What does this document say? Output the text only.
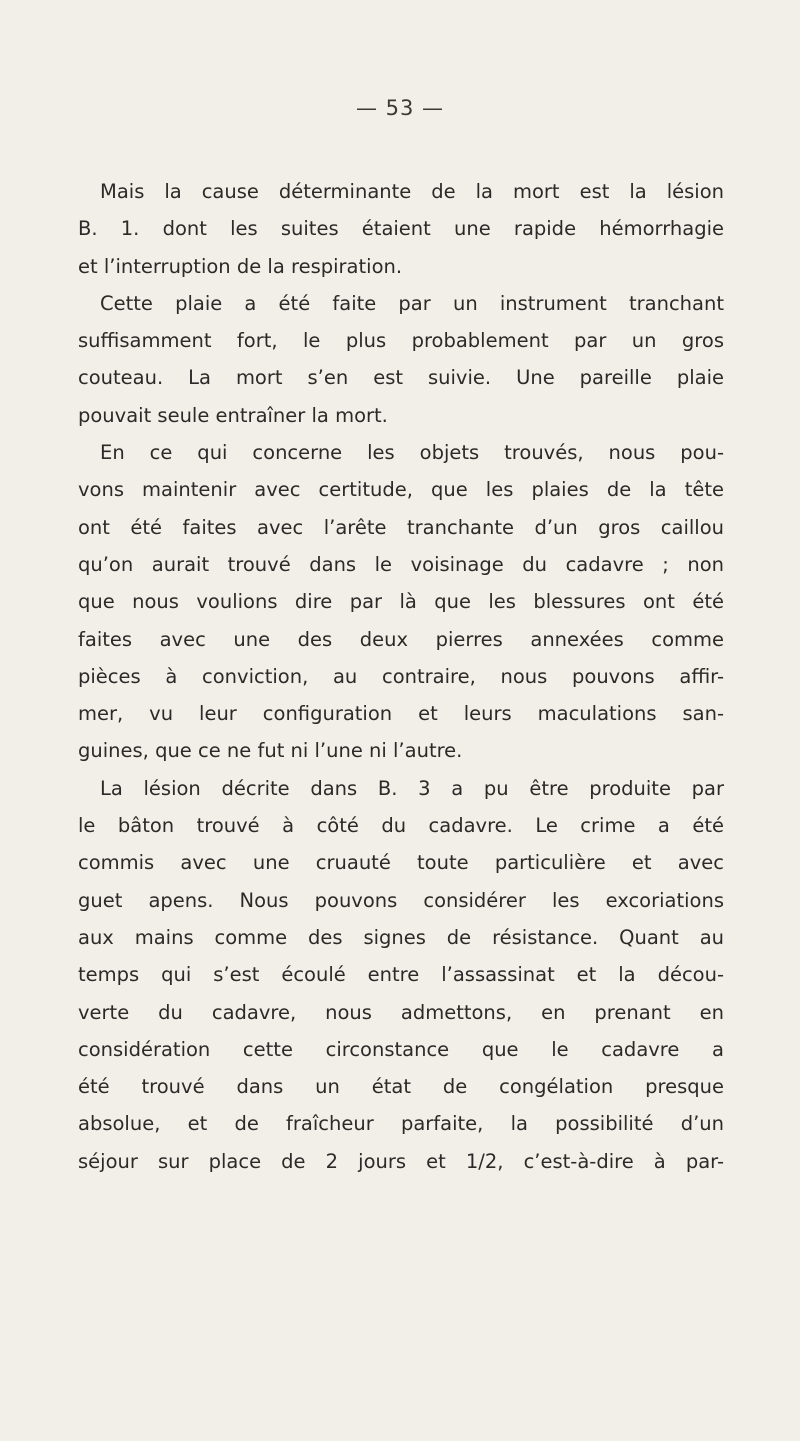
— 53 —
Mais la cause déterminante de la mort est la lésion
B. 1. dont les suites étaient une rapide hémorrhagie
et l’interruption de la respiration.
Cette plaie a été faite par un instrument tranchant
suffisamment fort, le plus probablement par un gros
couteau. La mort s’en est suivie. Une pareille plaie
pouvait seule entraîner la mort.
En ce qui concerne les objets trouvés, nous pou-
vons maintenir avec certitude, que les plaies de la tête
ont été faites avec l’arête tranchante d’un gros caillou
qu’on aurait trouvé dans le voisinage du cadavre ; non
que nous voulions dire par là que les blessures ont été
faites avec une des deux pierres annexées comme
pièces à conviction, au contraire, nous pouvons affir-
mer, vu leur configuration et leurs maculations san-
guines, que ce ne fut ni l’une ni l’autre.
La lésion décrite dans B. 3 a pu être produite par
le bâton trouvé à côté du cadavre. Le crime a été
commis avec une cruauté toute particulière et avec
guet apens. Nous pouvons considérer les excoriations
aux mains comme des signes de résistance. Quant au
temps qui s’est écoulé entre l’assassinat et la décou-
verte du cadavre, nous admettons, en prenant en
considération cette circonstance que le cadavre a
été trouvé dans un état de congélation presque
absolue, et de fraîcheur parfaite, la possibilité d’un
séjour sur place de 2 jours et 1/2, c’est-à-dire à par-
